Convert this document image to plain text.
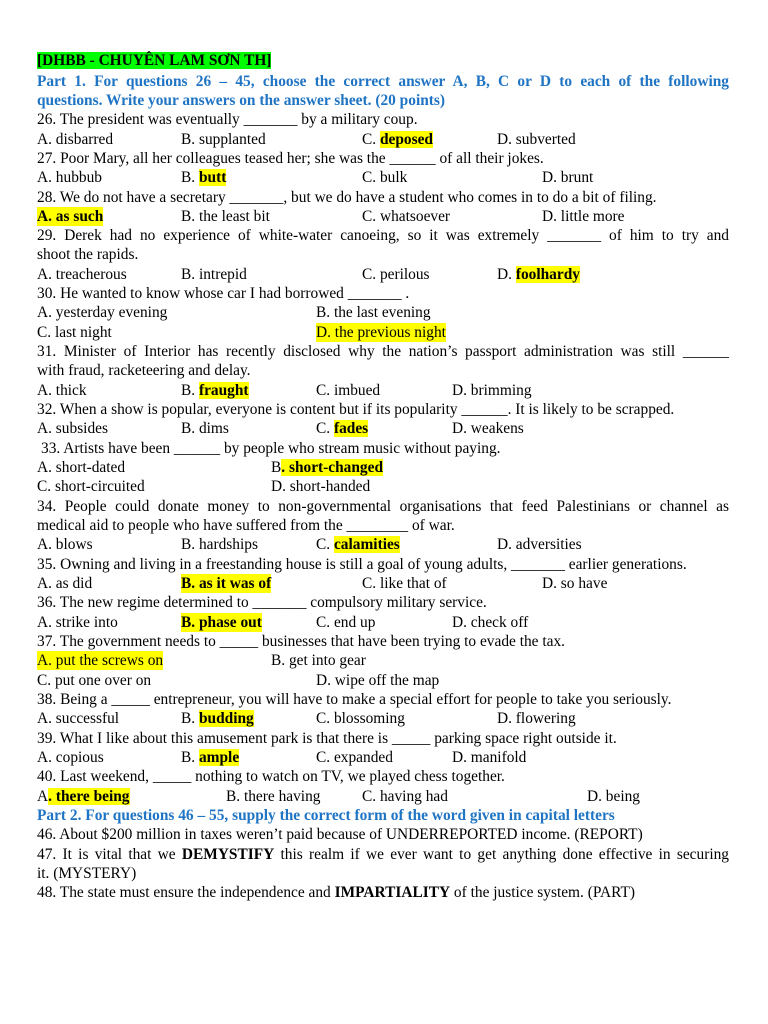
[DHBB - CHUYÊN LAM SƠN TH]
Part 1. For questions 26 – 45, choose the correct answer A, B, C or D to each of the following
questions. Write your answers on the answer sheet. (20 points)
26. The president was eventually _______ by a military coup.
A. disbarred	B. supplanted	C. deposed	D. subverted
27. Poor Mary, all her colleagues teased her; she was the ______ of all their jokes.
A. hubbub	B. butt	C. bulk	D. brunt
28. We do not have a secretary _______, but we do have a student who comes in to do a bit of filing.
A. as such	B. the least bit	C. whatsoever	D. little more
29. Derek had no experience of white-water canoeing, so it was extremely _______ of him to try and
shoot the rapids.
A. treacherous	B. intrepid	C. perilous	D. foolhardy
30. He wanted to know whose car I had borrowed _______ .
A. yesterday evening	B. the last evening
C. last night	D. the previous night
31. Minister of Interior has recently disclosed why the nation’s passport administration was still ______
with fraud, racketeering and delay.
A. thick	B. fraught	C. imbued	D. brimming
32. When a show is popular, everyone is content but if its popularity ______. It is likely to be scrapped.
A. subsides	B. dims	C. fades	D. weakens
33. Artists have been ______ by people who stream music without paying.
A. short-dated	B. short-changed
C. short-circuited	D. short-handed
34. People could donate money to non-governmental organisations that feed Palestinians or channel as
medical aid to people who have suffered from the ________ of war.
A. blows	B. hardships	C. calamities	D. adversities
35. Owning and living in a freestanding house is still a goal of young adults, _______ earlier generations.
A. as did	B. as it was of	C. like that of	D. so have
36. The new regime determined to _______ compulsory military service.
A. strike into	B. phase out	C. end up	D. check off
37. The government needs to _____ businesses that have been trying to evade the tax.
A. put the screws on	B. get into gear
C. put one over on	D. wipe off the map
38. Being a _____ entrepreneur, you will have to make a special effort for people to take you seriously.
A. successful	B. budding	C. blossoming	D. flowering
39. What I like about this amusement park is that there is _____ parking space right outside it.
A. copious	B. ample	C. expanded	D. manifold
40. Last weekend, _____ nothing to watch on TV, we played chess together.
A. there being	B. there having	C. having had	D. being
Part 2. For questions 46 – 55, supply the correct form of the word given in capital letters
46. About $200 million in taxes weren’t paid because of UNDERREPORTED income. (REPORT)
47. It is vital that we DEMYSTIFY this realm if we ever want to get anything done effective in securing
it. (MYSTERY)
48. The state must ensure the independence and IMPARTIALITY of the justice system. (PART)
